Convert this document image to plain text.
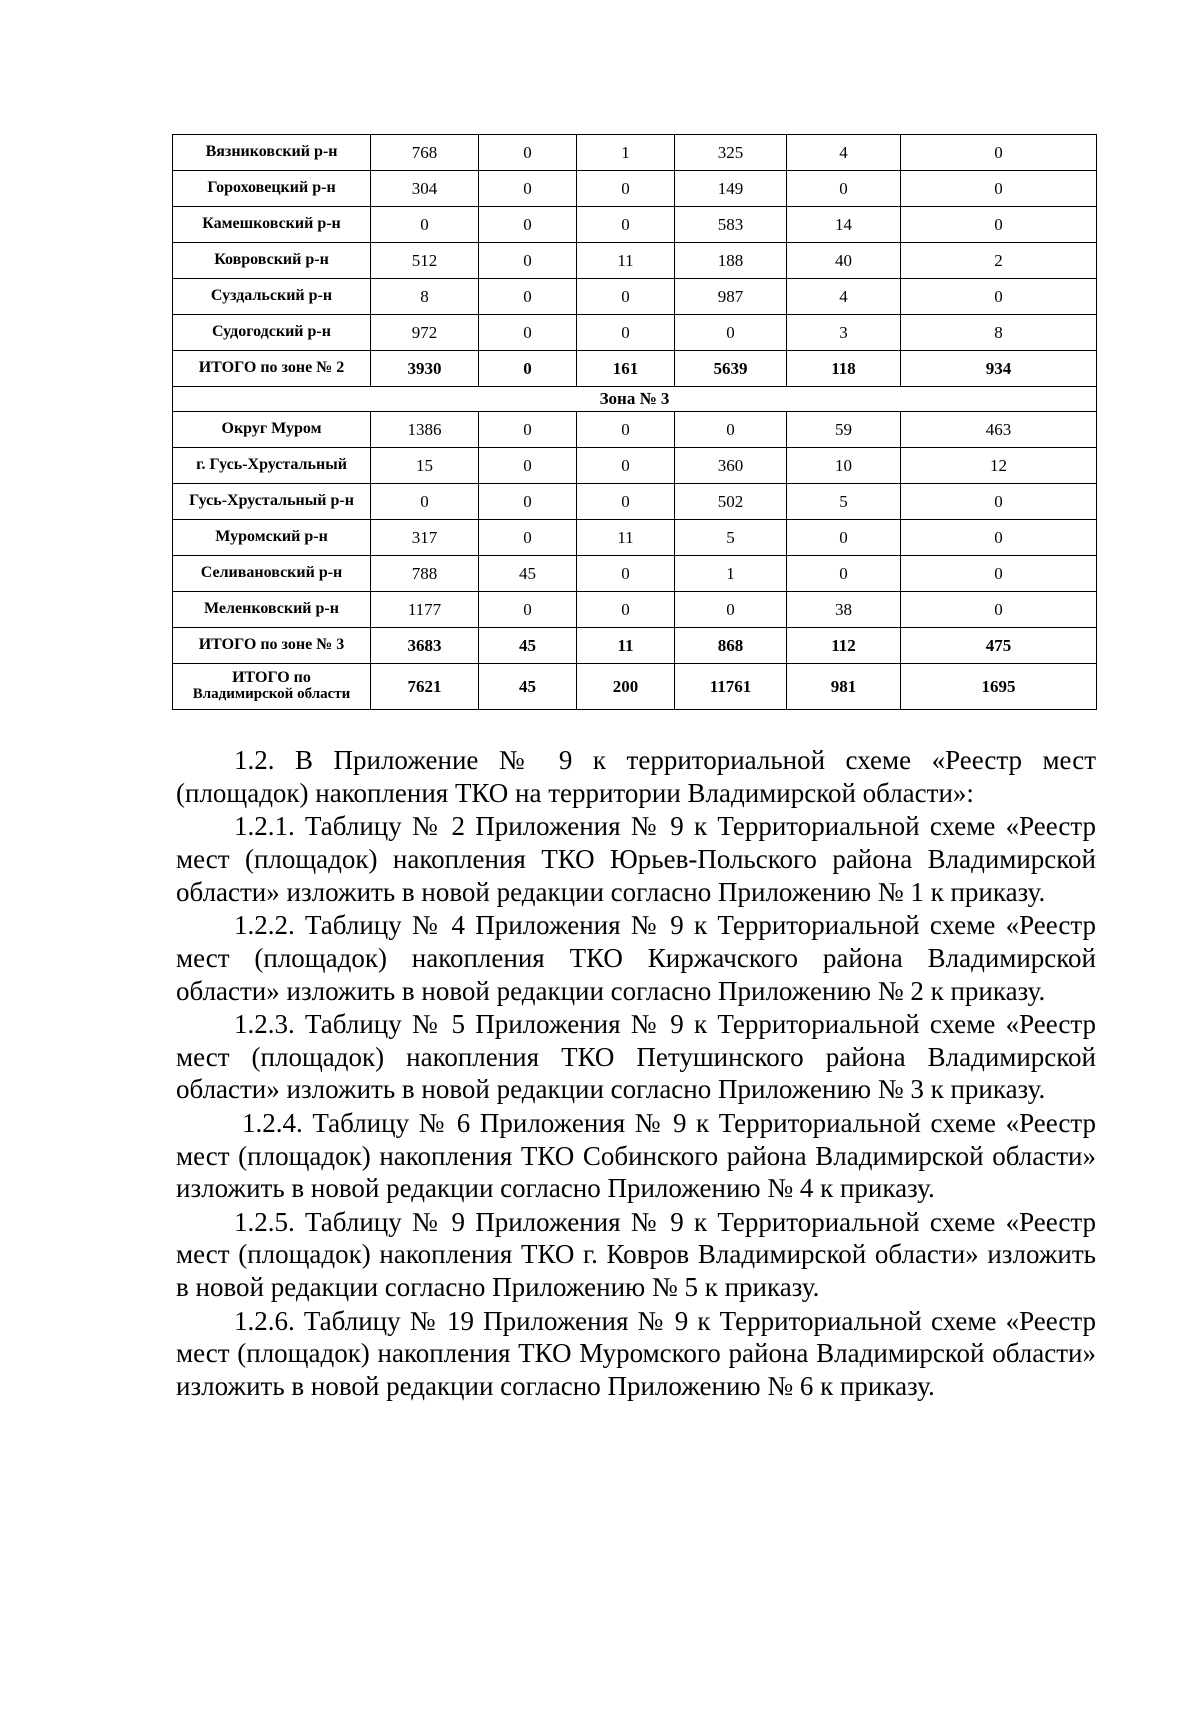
Вязниковский р-н	768	0	1	325	4	0
Гороховецкий р-н	304	0	0	149	0	0
Камешковский р-н	0	0	0	583	14	0
Ковровский р-н	512	0	11	188	40	2
Суздальский р-н	8	0	0	987	4	0
Судогодский р-н	972	0	0	0	3	8
ИТОГО по зоне № 2	3930	0	161	5639	118	934
Зона № 3						
Округ Муром	1386	0	0	0	59	463
г. Гусь-Хрустальный	15	0	0	360	10	12
Гусь-Хрустальный р-н	0	0	0	502	5	0
Муромский р-н	317	0	11	5	0	0
Селивановский р-н	788	45	0	1	0	0
Меленковский р-н	1177	0	0	0	38	0
ИТОГО по зоне № 3	3683	45	11	868	112	475

ИТОГО по
Владимирской области	7621	45	200	11761	981	1695

1.2. В Приложение № 9 к территориальной схеме «Реестр мест (площадок) накопления ТКО на территории Владимирской области»:

1.2.1. Таблицу № 2 Приложения № 9 к Территориальной схеме «Реестр мест (площадок) накопления ТКО Юрьев-Польского района Владимирской области» изложить в новой редакции согласно Приложению № 1 к приказу.

1.2.2. Таблицу № 4 Приложения № 9 к Территориальной схеме «Реестр мест (площадок) накопления ТКО Киржачского района Владимирской области» изложить в новой редакции согласно Приложению № 2 к приказу.

1.2.3. Таблицу № 5 Приложения № 9 к Территориальной схеме «Реестр мест (площадок) накопления ТКО Петушинского района Владимирской области» изложить в новой редакции согласно Приложению № 3 к приказу.

1.2.4. Таблицу № 6 Приложения № 9 к Территориальной схеме «Реестр мест (площадок) накопления ТКО Собинского района Владимирской области» изложить в новой редакции согласно Приложению № 4 к приказу.

1.2.5. Таблицу № 9 Приложения № 9 к Территориальной схеме «Реестр мест (площадок) накопления ТКО г. Ковров Владимирской области» изложить в новой редакции согласно Приложению № 5 к приказу.

1.2.6. Таблицу № 19 Приложения № 9 к Территориальной схеме «Реестр мест (площадок) накопления ТКО Муромского района Владимирской области» изложить в новой редакции согласно Приложению № 6 к приказу.
